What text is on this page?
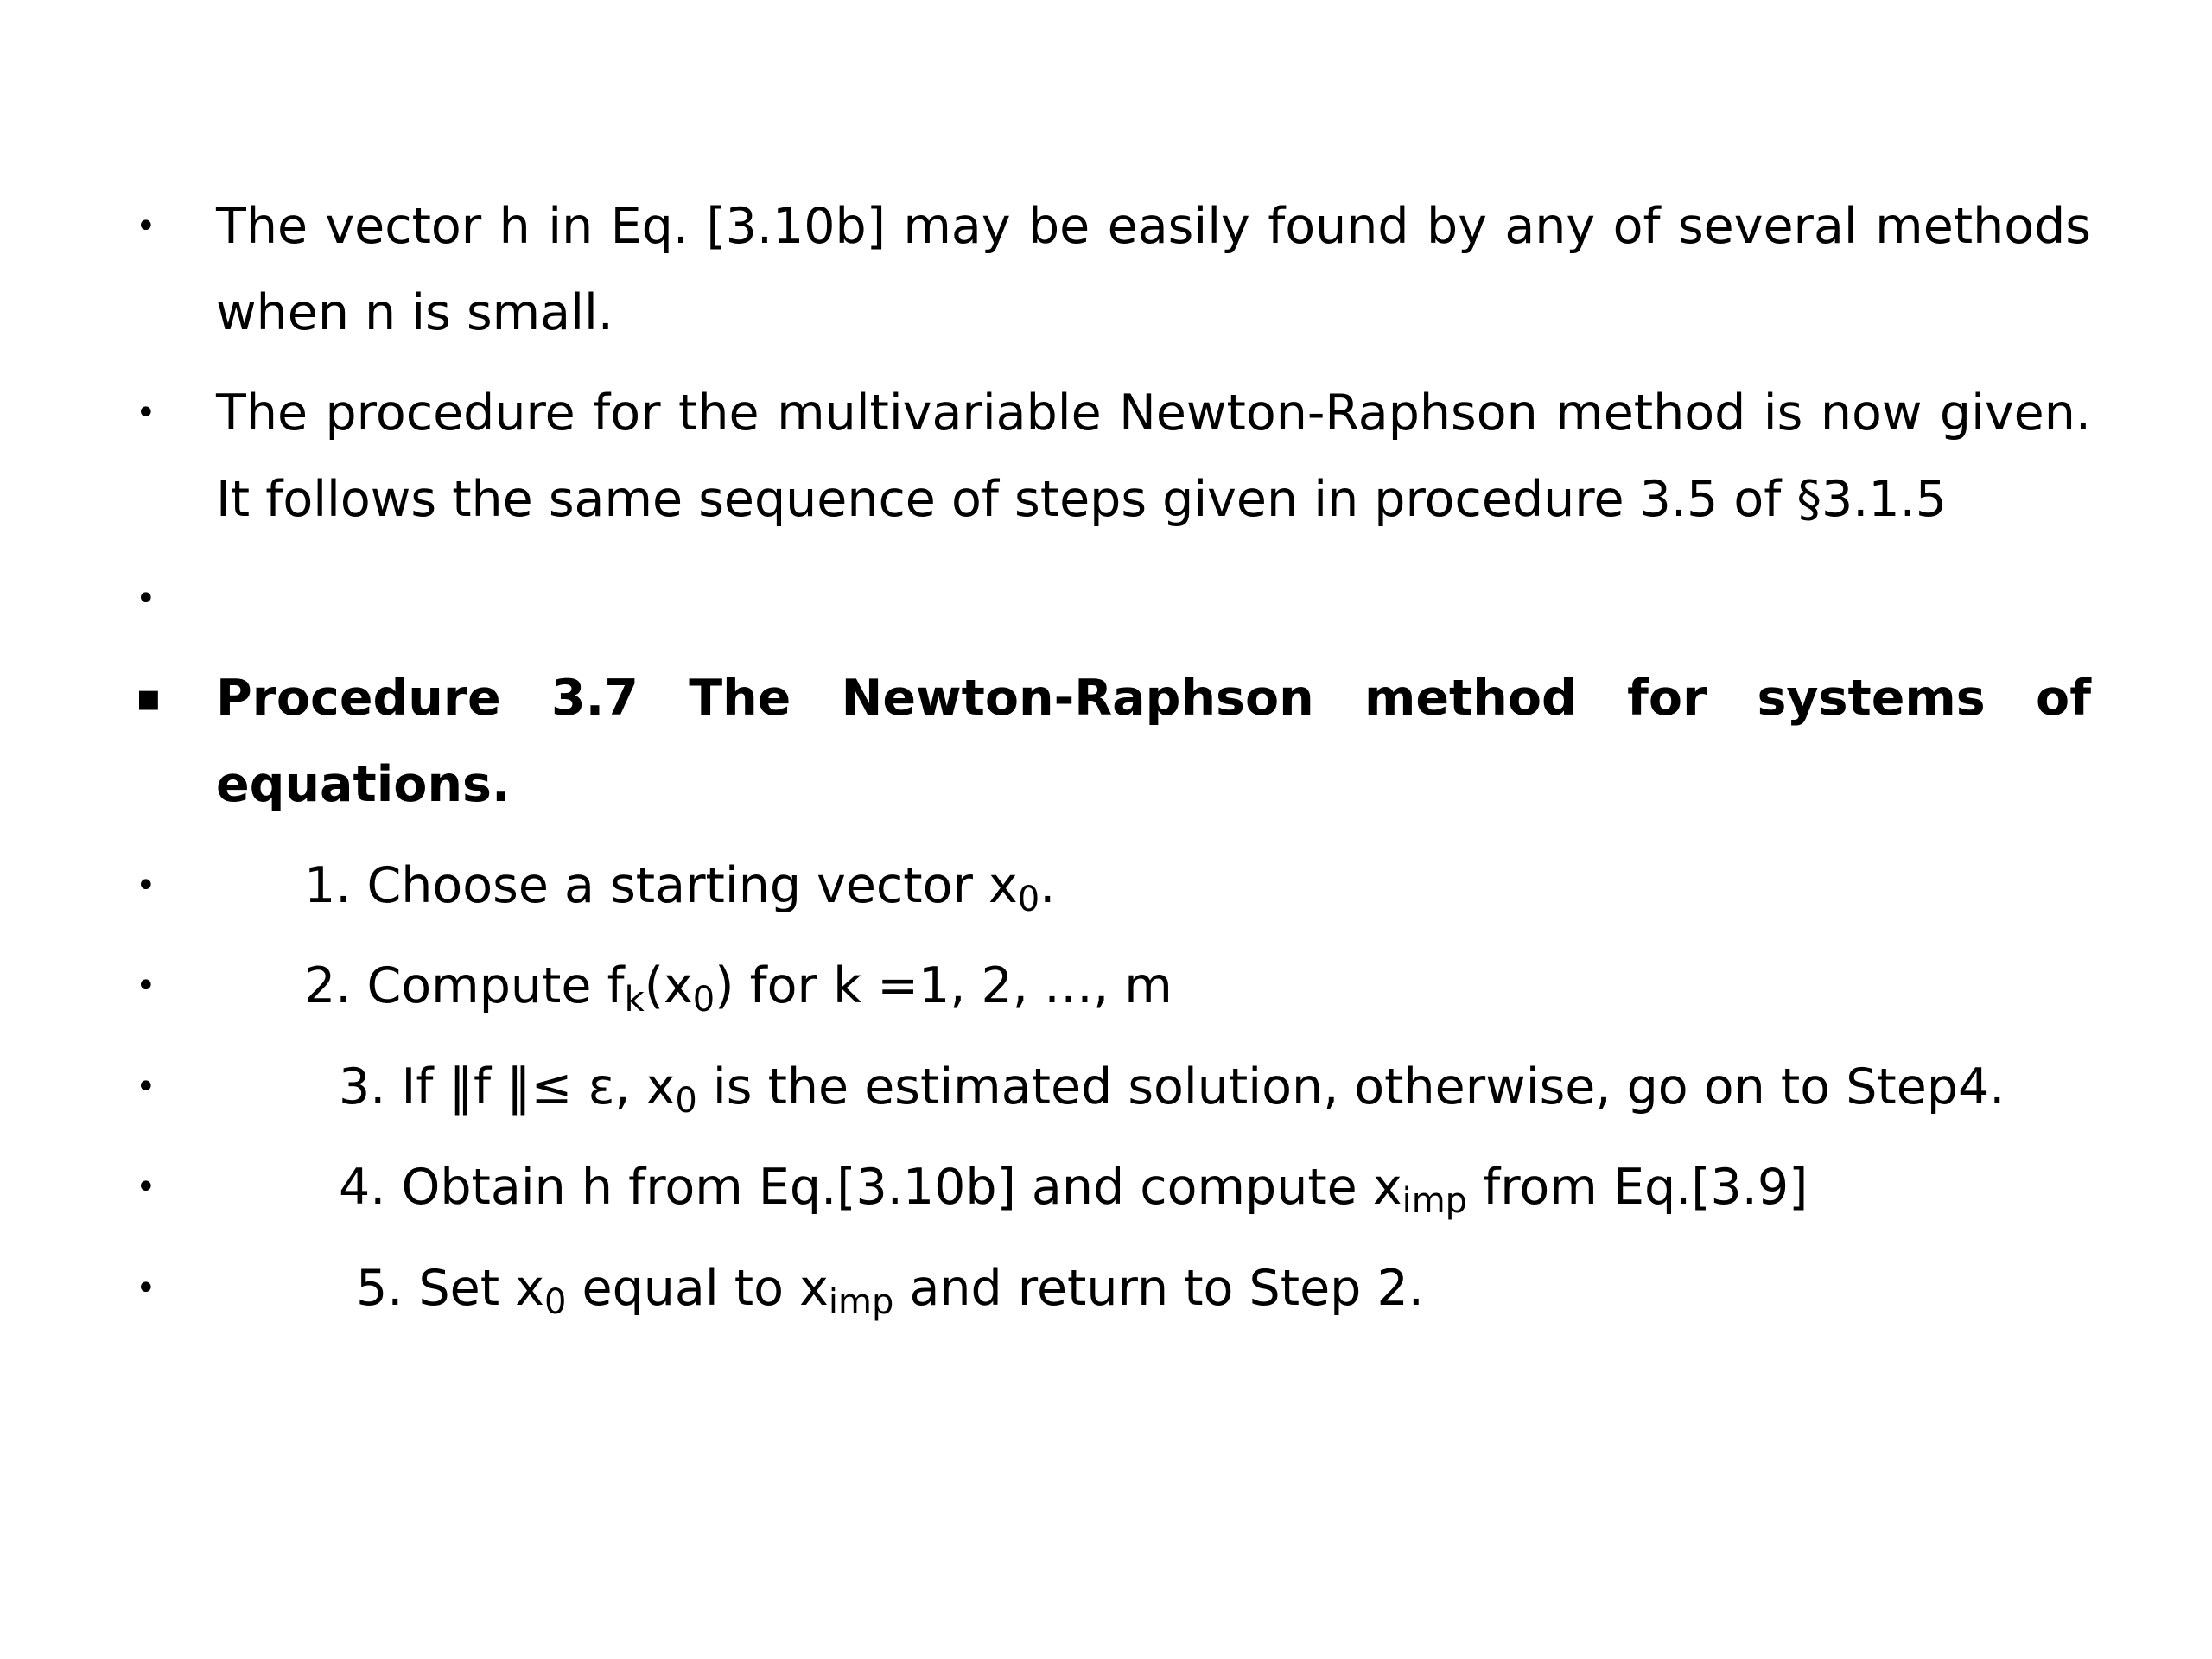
• The vector h in Eq. [3.10b] may be easily found by any of several methods
when n is small.
• The procedure for the multivariable Newton-Raphson method is now given.
It follows the same sequence of steps given in procedure 3.5 of §3.1.5
•
▪ Procedure 3.7 The Newton-Raphson method for systems of
equations.
•	1. Choose a starting vector $x_0$.
•	2. Compute $f_k(x_0)$ for k =1, 2, …, m
•	3. If ‖f ‖≤ ε, $x_0$ is the estimated solution, otherwise, go on to Step4.
•	4. Obtain h from Eq.[3.10b] and compute $x_{imp}$ from Eq.[3.9]
•	5. Set $x_0$ equal to $x_{imp}$ and return to Step 2.
